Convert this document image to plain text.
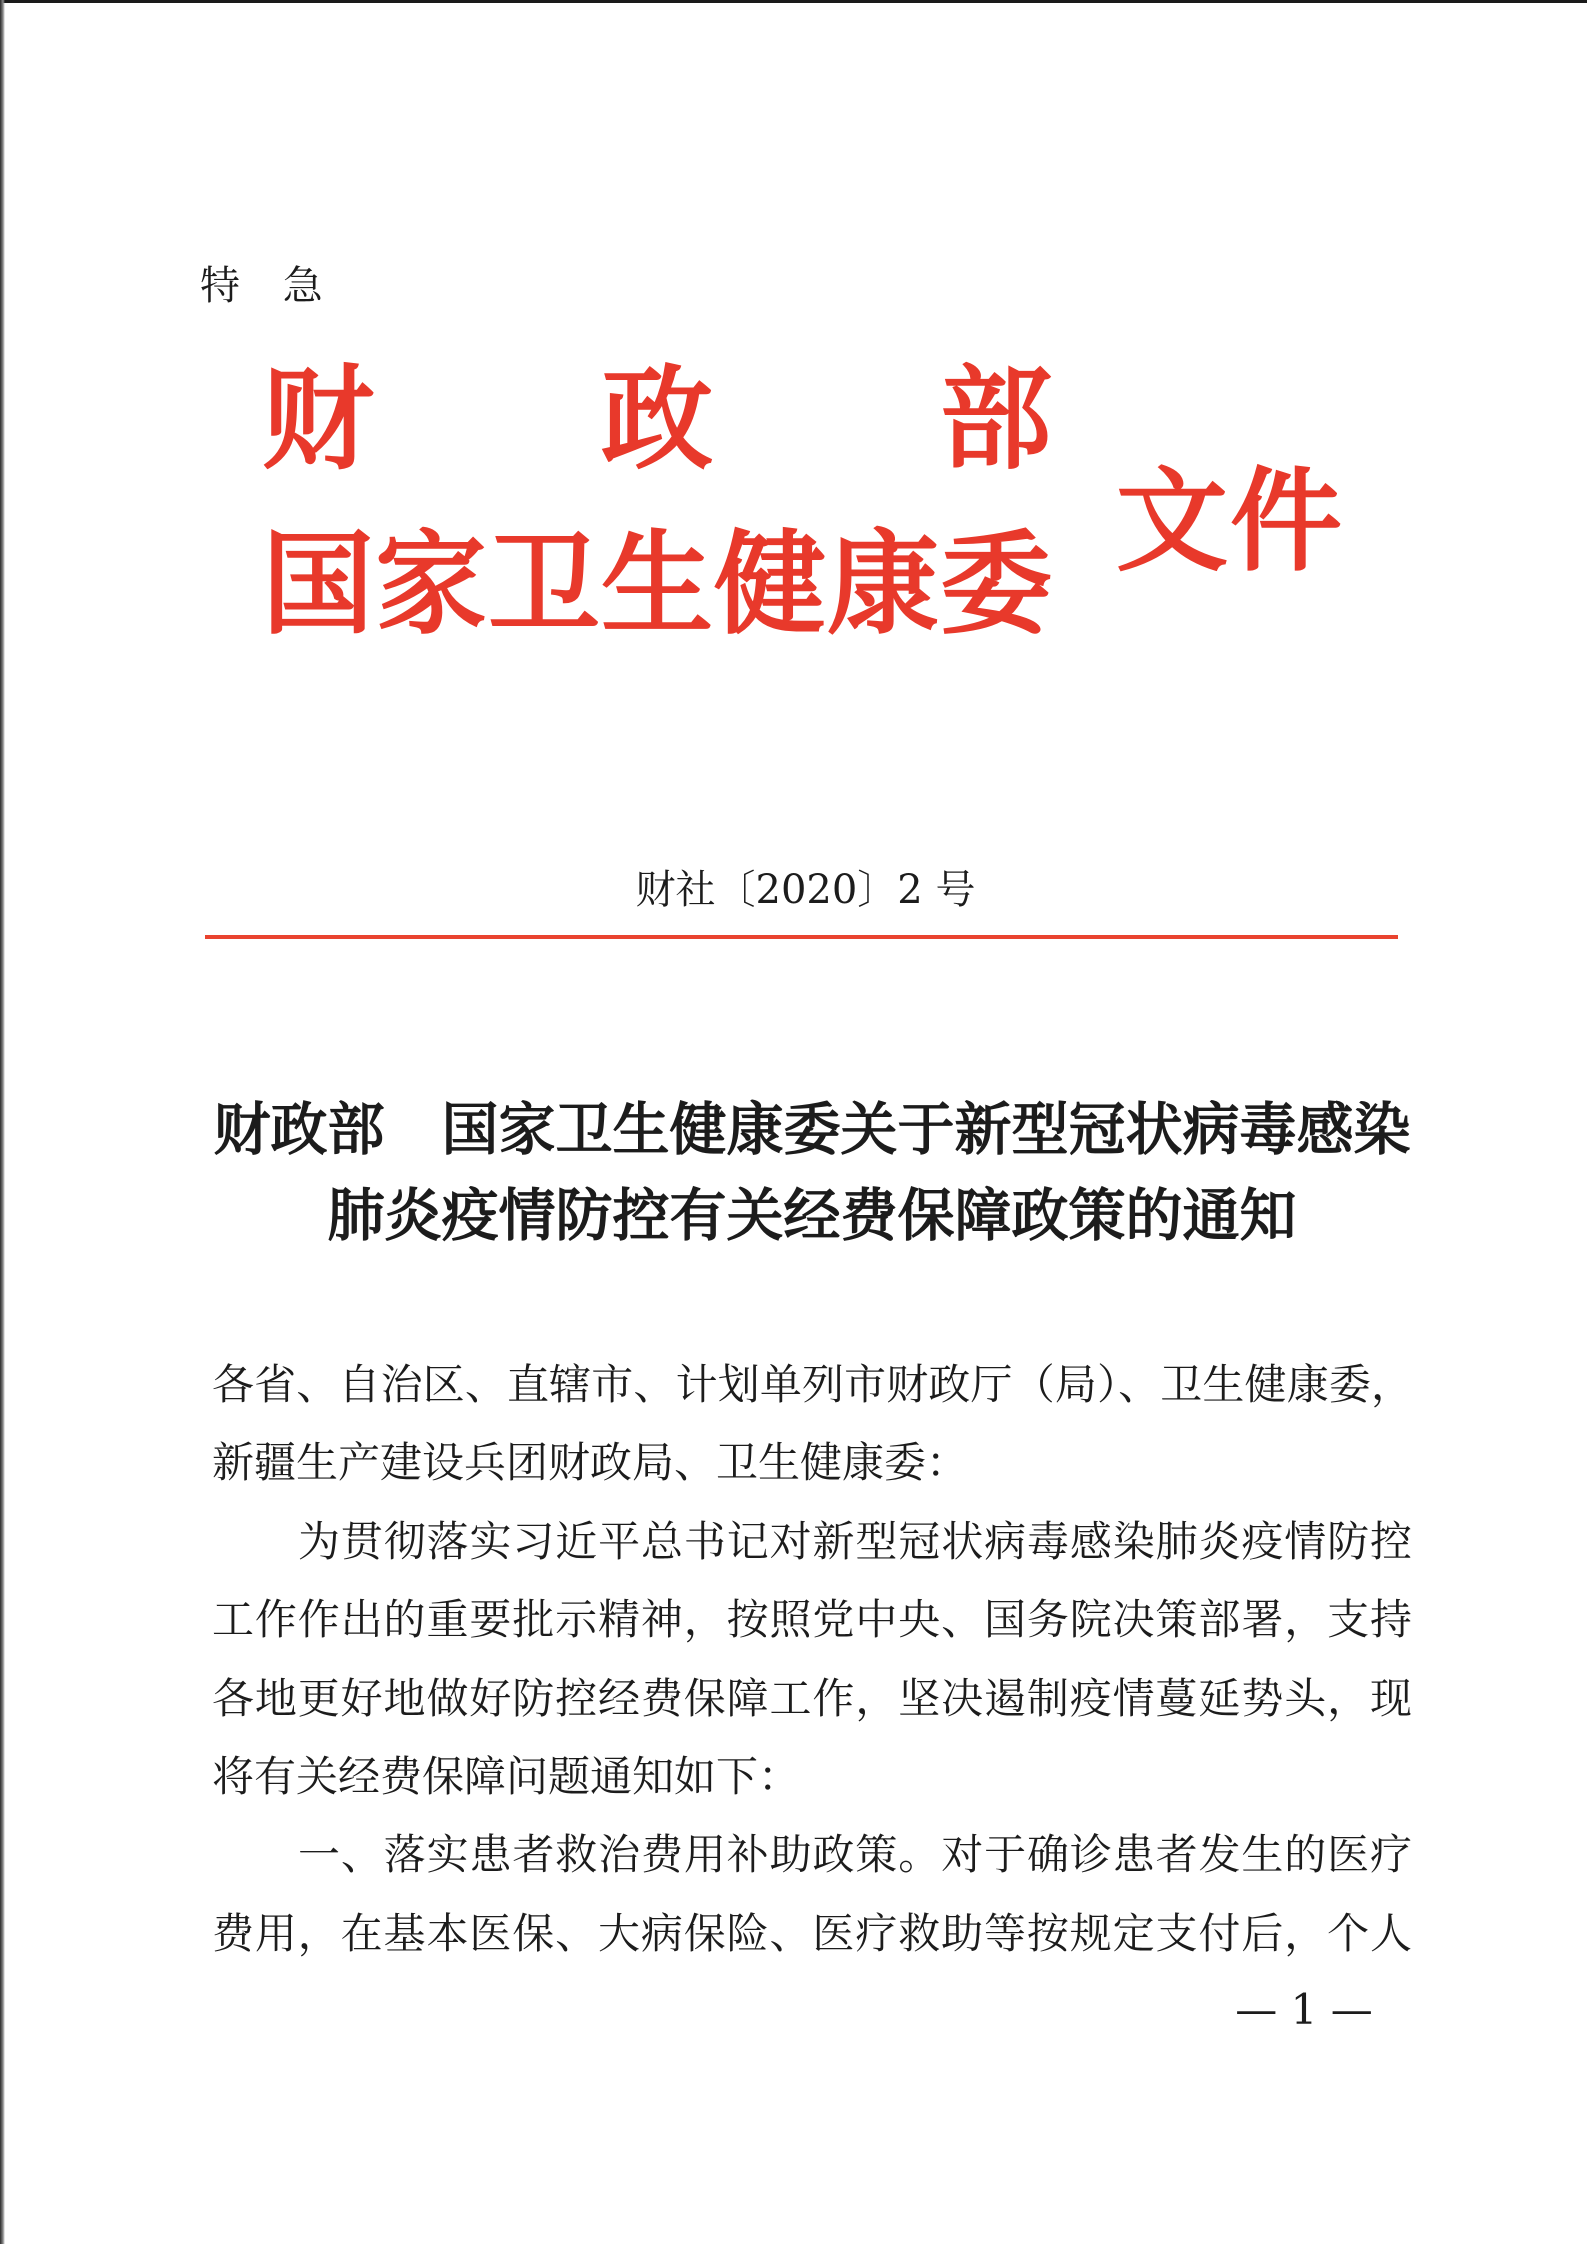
特 急
财 政 部
国家卫生健康委 文件
财社〔2020〕2 号
财政部　国家卫生健康委关于新型冠状病毒感染
肺炎疫情防控有关经费保障政策的通知
各省、自治区、直辖市、计划单列市财政厅（局）、卫生健康委，
新疆生产建设兵团财政局、卫生健康委：
为贯彻落实习近平总书记对新型冠状病毒感染肺炎疫情防控
工作作出的重要批示精神，按照党中央、国务院决策部署，支持
各地更好地做好防控经费保障工作，坚决遏制疫情蔓延势头，现
将有关经费保障问题通知如下：
一、落实患者救治费用补助政策。对于确诊患者发生的医疗
费用，在基本医保、大病保险、医疗救助等按规定支付后，个人
— 1 —
